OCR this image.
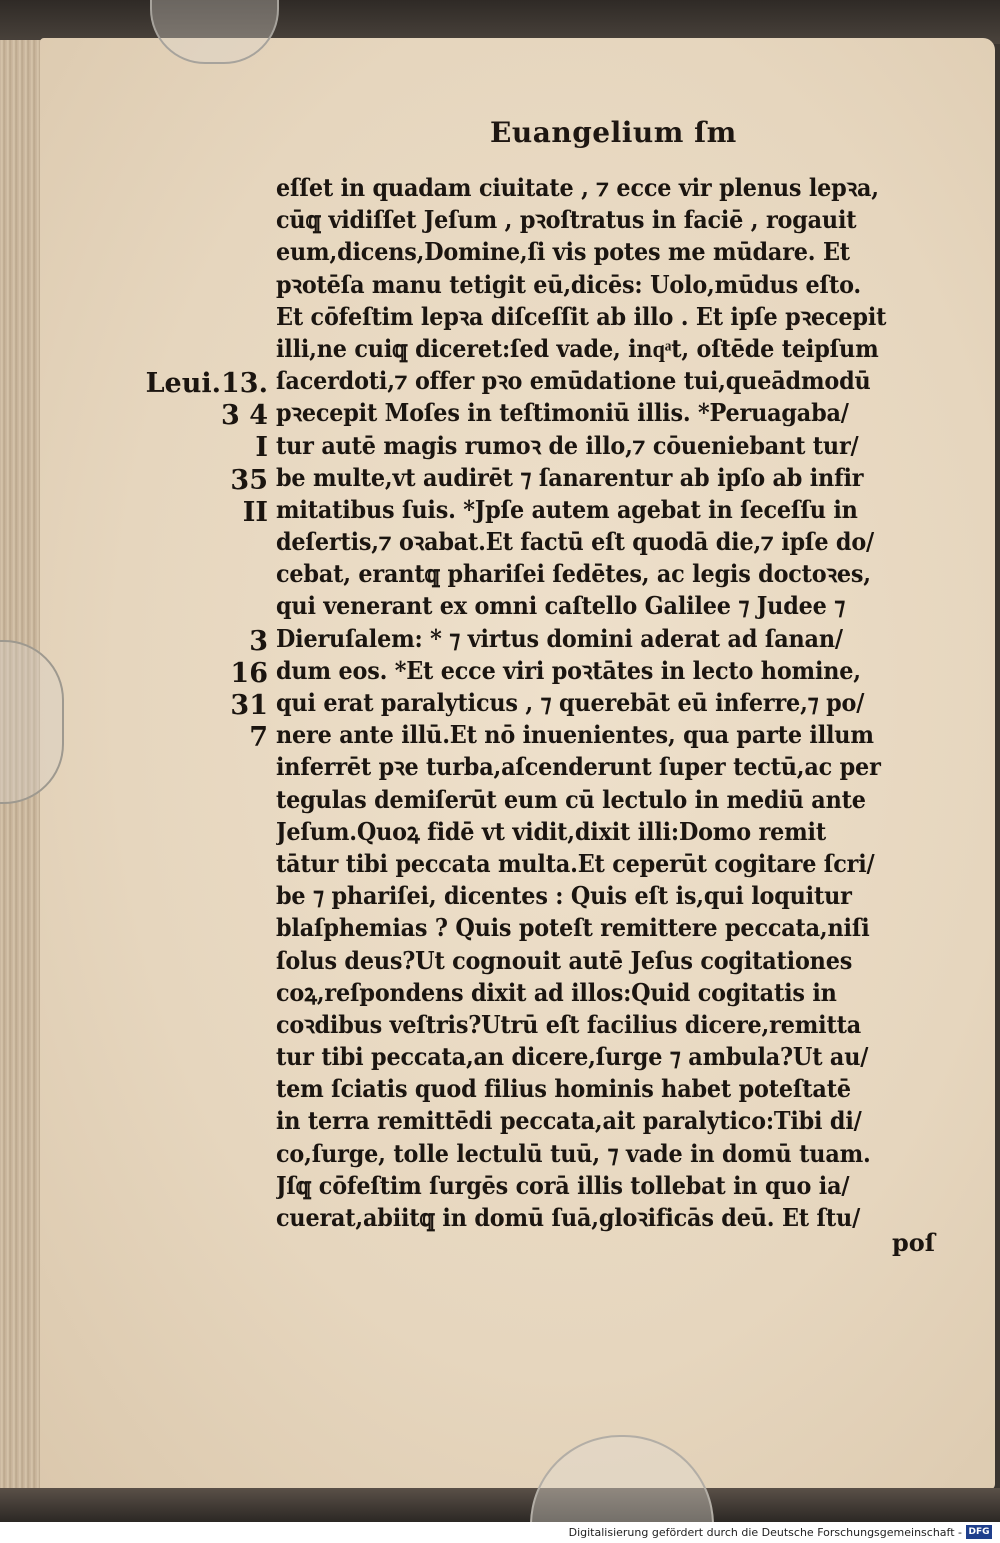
Euangelium ſm
eſſet in quadam ciuitate , ⁊ ecce vir plenus lepꝛa,
cū𝕢 vidiſſet Jeſum , pꝛoſtratus in faciē , rogauit
eum,dicens,Domine,ſi vis potes me mūdare. Et
pꝛotēſa manu tetigit eū,dicēs: Uolo,mūdus eſto.
Et cōfeſtim lepꝛa diſceſſit ab illo . Et ipſe pꝛecepit
illi,ne cui𝕢 diceret:ſed vade, inqͣt, oſtēde teipſum
ſacerdoti,⁊ offer pꝛo emūdatione tui,queādmodū
pꝛecepit Moſes in teſtimoniū illis. *Peruagaba/
tur autē magis rumoꝛ de illo,⁊ cōueniebant tur/
be multe,vt audirēt ⁊ ſanarentur ab ipſo ab infir
mitatibus ſuis. *Jpſe autem agebat in ſeceſſu in
deſertis,⁊ oꝛabat.Et factū eſt quodā die,⁊ ipſe do/
cebat, erant𝕢 phariſei ſedētes, ac legis doctoꝛes,
qui venerant ex omni caſtello Galilee ⁊ Judee ⁊
Dieruſalem: * ⁊ virtus domini aderat ad ſanan/
dum eos. *Et ecce viri poꝛtātes in lecto homine,
qui erat paralyticus , ⁊ querebāt eū inferre,⁊ po/
nere ante illū.Et nō inuenientes, qua parte illum
inferrēt pꝛe turba,aſcenderunt ſuper tectū,ac per
tegulas demiſerūt eum cū lectulo in mediū ante
Jeſum.Quoꝝ fidē vt vidit,dixit illi:Domo remit
tātur tibi peccata multa.Et ceperūt cogitare ſcri/
be ⁊ phariſei, dicentes : Quis eſt is,qui loquitur
blaſphemias ? Quis poteſt remittere peccata,niſi
ſolus deus?Ut cognouit autē Jeſus cogitationes
coꝝ,reſpondens dixit ad illos:Quid cogitatis in
coꝛdibus veſtris?Utrū eſt facilius dicere,remitta
tur tibi peccata,an dicere,ſurge ⁊ ambula?Ut au/
tem ſciatis quod filius hominis habet poteſtatē
in terra remittēdi peccata,ait paralytico:Tibi di/
co,ſurge, tolle lectulū tuū, ⁊ vade in domū tuam.
Jſ𝕢 cōfeſtim ſurgēs corā illis tollebat in quo ia/
cuerat,abiit𝕢 in domū ſuā,gloꝛificās deū. Et ſtu/
Leui.13.
3 4
I
35
II
3
16
31
7
poſ
Digitalisierung gefördert durch die Deutsche Forschungsgemeinschaft - DFG
